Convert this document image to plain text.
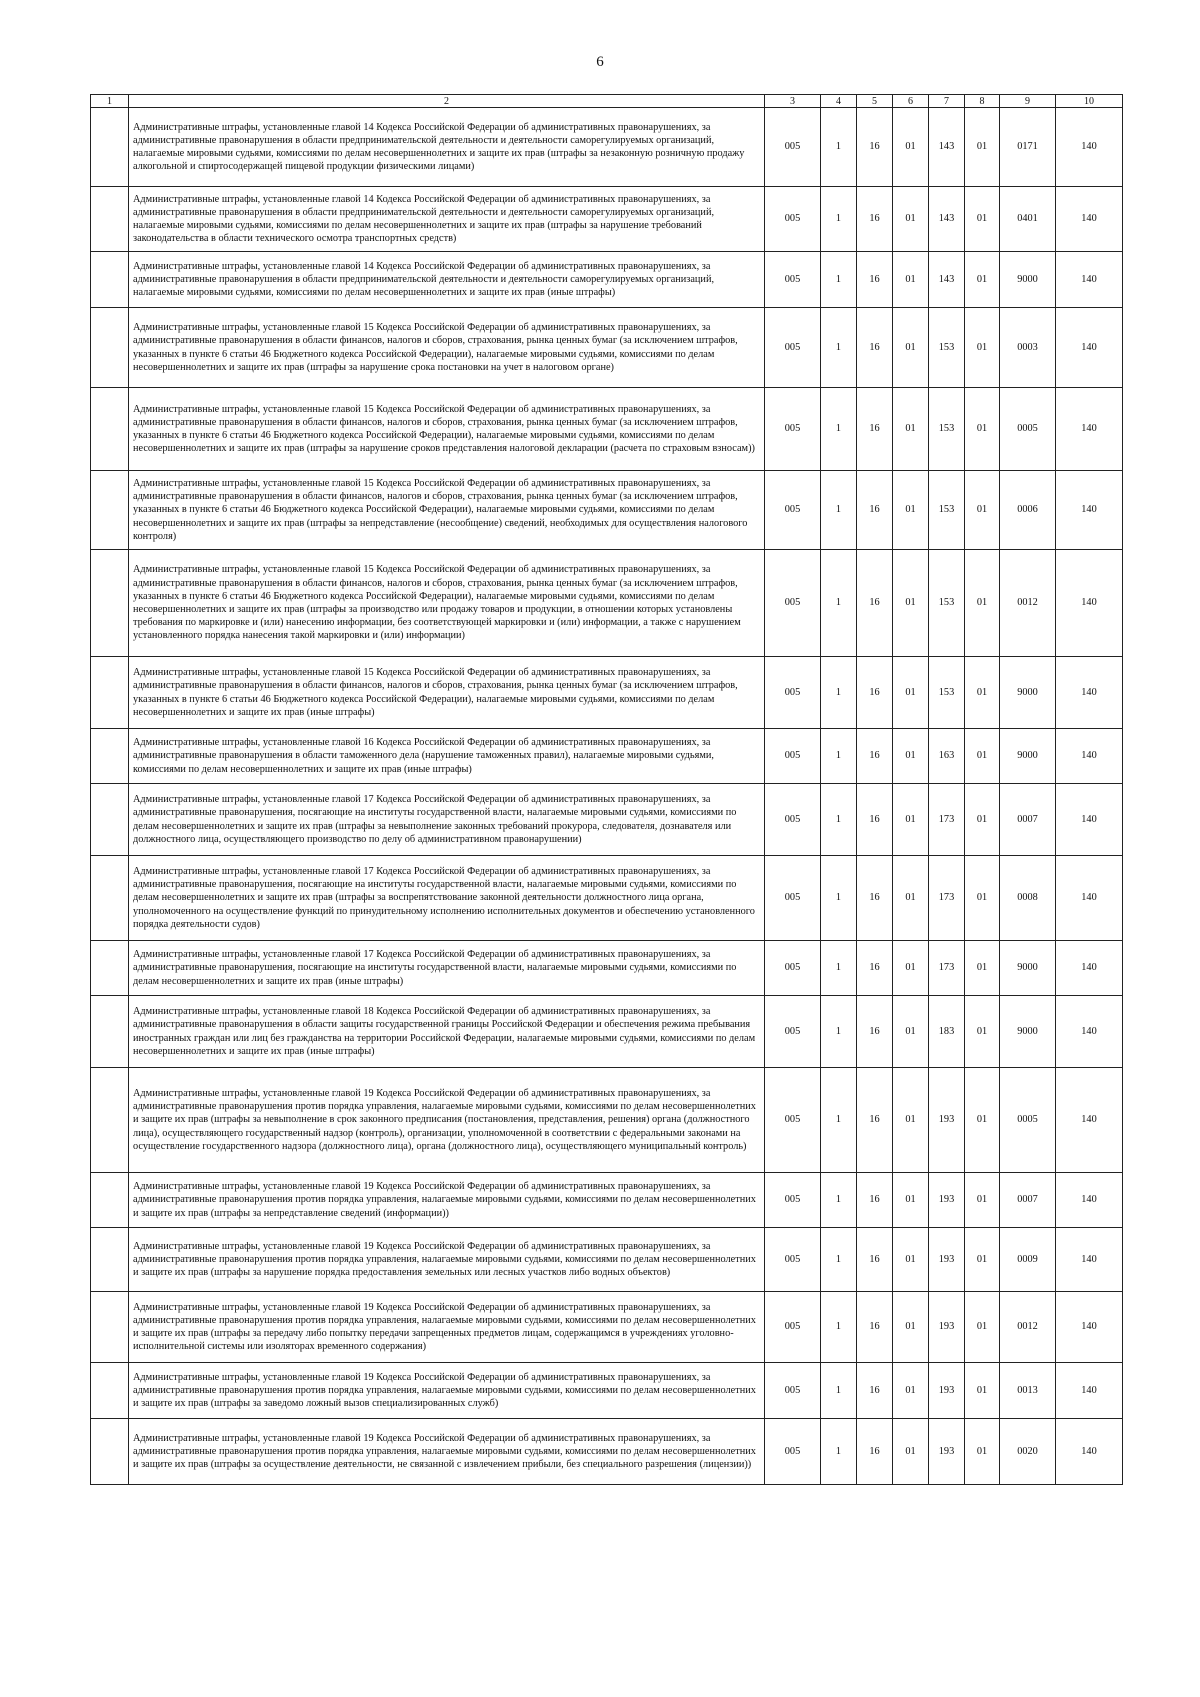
6
1	2	3	4	5	6	7	8	9	10
	Административные штрафы, установленные главой 14 Кодекса Российской Федерации об административных правонарушениях, за административные правонарушения в области предпринимательской деятельности и деятельности саморегулируемых организаций, налагаемые мировыми судьями, комиссиями по делам несовершеннолетних и защите их прав (штрафы за незаконную розничную продажу алкогольной и спиртосодержащей пищевой продукции физическими лицами)	005	1	16	01	143	01	0171	140
	Административные штрафы, установленные главой 14 Кодекса Российской Федерации об административных правонарушениях, за административные правонарушения в области предпринимательской деятельности и деятельности саморегулируемых организаций, налагаемые мировыми судьями, комиссиями по делам несовершеннолетних и защите их прав (штрафы за нарушение требований законодательства в области технического осмотра транспортных средств)	005	1	16	01	143	01	0401	140
	Административные штрафы, установленные главой 14 Кодекса Российской Федерации об административных правонарушениях, за административные правонарушения в области предпринимательской деятельности и деятельности саморегулируемых организаций, налагаемые мировыми судьями, комиссиями по делам несовершеннолетних и защите их прав (иные штрафы)	005	1	16	01	143	01	9000	140
	Административные штрафы, установленные главой 15 Кодекса Российской Федерации об административных правонарушениях, за административные правонарушения в области финансов, налогов и сборов, страхования, рынка ценных бумаг (за исключением штрафов, указанных в пункте 6 статьи 46 Бюджетного кодекса Российской Федерации), налагаемые мировыми судьями, комиссиями по делам несовершеннолетних и защите их прав (штрафы за нарушение срока постановки на учет в налоговом органе)	005	1	16	01	153	01	0003	140
	Административные штрафы, установленные главой 15 Кодекса Российской Федерации об административных правонарушениях, за административные правонарушения в области финансов, налогов и сборов, страхования, рынка ценных бумаг (за исключением штрафов, указанных в пункте 6 статьи 46 Бюджетного кодекса Российской Федерации), налагаемые мировыми судьями, комиссиями по делам несовершеннолетних и защите их прав (штрафы за нарушение сроков представления налоговой декларации (расчета по страховым взносам))	005	1	16	01	153	01	0005	140
	Административные штрафы, установленные главой 15 Кодекса Российской Федерации об административных правонарушениях, за административные правонарушения в области финансов, налогов и сборов, страхования, рынка ценных бумаг (за исключением штрафов, указанных в пункте 6 статьи 46 Бюджетного кодекса Российской Федерации), налагаемые мировыми судьями, комиссиями по делам несовершеннолетних и защите их прав (штрафы за непредставление (несообщение) сведений, необходимых для осуществления налогового контроля)	005	1	16	01	153	01	0006	140
	Административные штрафы, установленные главой 15 Кодекса Российской Федерации об административных правонарушениях, за административные правонарушения в области финансов, налогов и сборов, страхования, рынка ценных бумаг (за исключением штрафов, указанных в пункте 6 статьи 46 Бюджетного кодекса Российской Федерации), налагаемые мировыми судьями, комиссиями по делам несовершеннолетних и защите их прав (штрафы за производство или продажу товаров и продукции, в отношении которых установлены требования по маркировке и (или) нанесению информации, без соответствующей маркировки и (или) информации, а также с нарушением установленного порядка нанесения такой маркировки и (или) информации)	005	1	16	01	153	01	0012	140
	Административные штрафы, установленные главой 15 Кодекса Российской Федерации об административных правонарушениях, за административные правонарушения в области финансов, налогов и сборов, страхования, рынка ценных бумаг (за исключением штрафов, указанных в пункте 6 статьи 46 Бюджетного кодекса Российской Федерации), налагаемые мировыми судьями, комиссиями по делам несовершеннолетних и защите их прав (иные штрафы)	005	1	16	01	153	01	9000	140
	Административные штрафы, установленные главой 16 Кодекса Российской Федерации об административных правонарушениях, за административные правонарушения в области таможенного дела (нарушение таможенных правил), налагаемые мировыми судьями, комиссиями по делам несовершеннолетних и защите их прав (иные штрафы)	005	1	16	01	163	01	9000	140
	Административные штрафы, установленные главой 17 Кодекса Российской Федерации об административных правонарушениях, за административные правонарушения, посягающие на институты государственной власти, налагаемые мировыми судьями, комиссиями по делам несовершеннолетних и защите их прав (штрафы за невыполнение законных требований прокурора, следователя, дознавателя или должностного лица, осуществляющего производство по делу об административном правонарушении)	005	1	16	01	173	01	0007	140
	Административные штрафы, установленные главой 17 Кодекса Российской Федерации об административных правонарушениях, за административные правонарушения, посягающие на институты государственной власти, налагаемые мировыми судьями, комиссиями по делам несовершеннолетних и защите их прав (штрафы за воспрепятствование законной деятельности должностного лица органа, уполномоченного на осуществление функций по принудительному исполнению исполнительных документов и обеспечению установленного порядка деятельности судов)	005	1	16	01	173	01	0008	140
	Административные штрафы, установленные главой 17 Кодекса Российской Федерации об административных правонарушениях, за административные правонарушения, посягающие на институты государственной власти, налагаемые мировыми судьями, комиссиями по делам несовершеннолетних и защите их прав (иные штрафы)	005	1	16	01	173	01	9000	140
	Административные штрафы, установленные главой 18 Кодекса Российской Федерации об административных правонарушениях, за административные правонарушения в области защиты государственной границы Российской Федерации и обеспечения режима пребывания иностранных граждан или лиц без гражданства на территории Российской Федерации, налагаемые мировыми судьями, комиссиями по делам несовершеннолетних и защите их прав (иные штрафы)	005	1	16	01	183	01	9000	140
	Административные штрафы, установленные главой 19 Кодекса Российской Федерации об административных правонарушениях, за административные правонарушения против порядка управления, налагаемые мировыми судьями, комиссиями по делам несовершеннолетних и защите их прав (штрафы за невыполнение в срок законного предписания (постановления, представления, решения) органа (должностного лица), осуществляющего государственный надзор (контроль), организации, уполномоченной в соответствии с федеральными законами на осуществление государственного надзора (должностного лица), органа (должностного лица), осуществляющего муниципальный контроль)	005	1	16	01	193	01	0005	140
	Административные штрафы, установленные главой 19 Кодекса Российской Федерации об административных правонарушениях, за административные правонарушения против порядка управления, налагаемые мировыми судьями, комиссиями по делам несовершеннолетних и защите их прав (штрафы за непредставление сведений (информации))	005	1	16	01	193	01	0007	140
	Административные штрафы, установленные главой 19 Кодекса Российской Федерации об административных правонарушениях, за административные правонарушения против порядка управления, налагаемые мировыми судьями, комиссиями по делам несовершеннолетних и защите их прав (штрафы за нарушение порядка предоставления земельных или лесных участков либо водных объектов)	005	1	16	01	193	01	0009	140
	Административные штрафы, установленные главой 19 Кодекса Российской Федерации об административных правонарушениях, за административные правонарушения против порядка управления, налагаемые мировыми судьями, комиссиями по делам несовершеннолетних и защите их прав (штрафы за передачу либо попытку передачи запрещенных предметов лицам, содержащимся в учреждениях уголовно-исполнительной системы или изоляторах временного содержания)	005	1	16	01	193	01	0012	140
	Административные штрафы, установленные главой 19 Кодекса Российской Федерации об административных правонарушениях, за административные правонарушения против порядка управления, налагаемые мировыми судьями, комиссиями по делам несовершеннолетних и защите их прав (штрафы за заведомо ложный вызов специализированных служб)	005	1	16	01	193	01	0013	140
	Административные штрафы, установленные главой 19 Кодекса Российской Федерации об административных правонарушениях, за административные правонарушения против порядка управления, налагаемые мировыми судьями, комиссиями по делам несовершеннолетних и защите их прав (штрафы за осуществление деятельности, не связанной с извлечением прибыли, без специального разрешения (лицензии))	005	1	16	01	193	01	0020	140
